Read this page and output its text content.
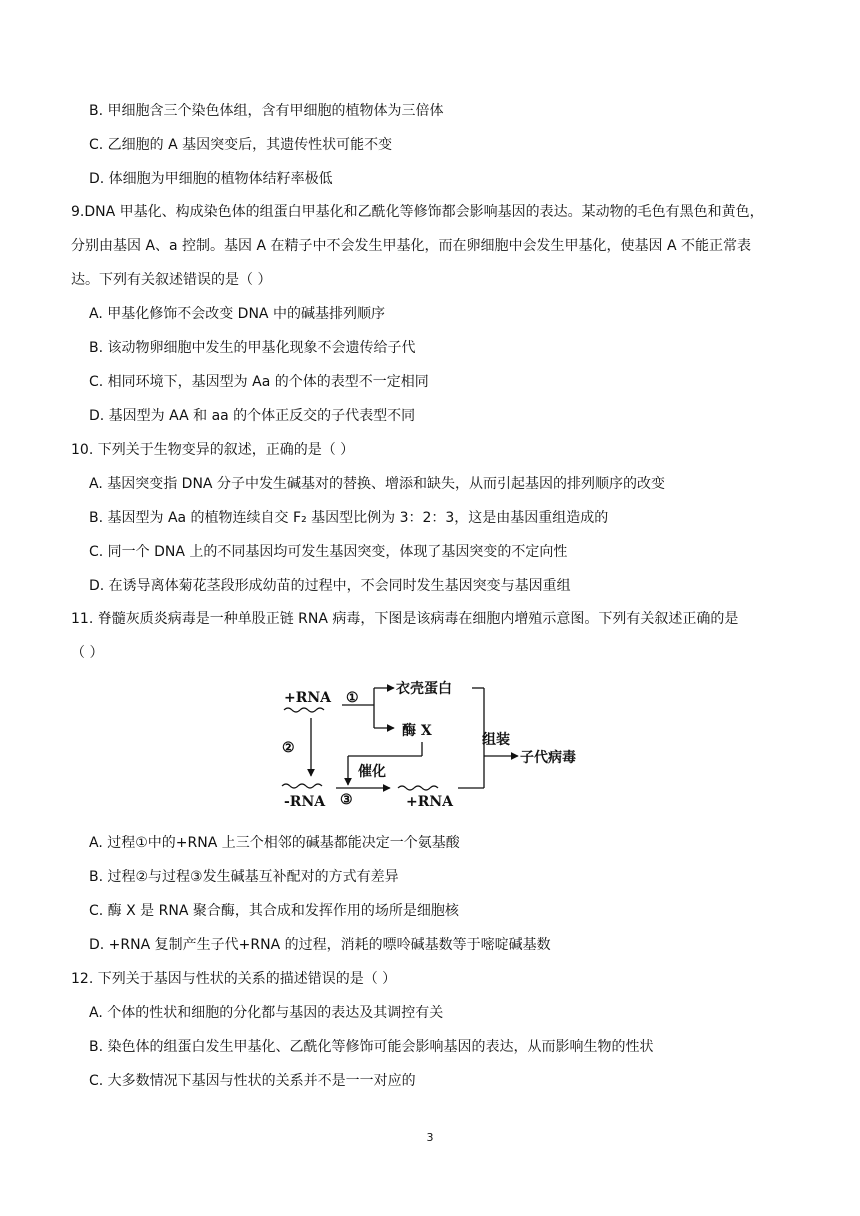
B. 甲细胞含三个染色体组，含有甲细胞的植物体为三倍体
C. 乙细胞的 A 基因突变后，其遗传性状可能不变
D. 体细胞为甲细胞的植物体结籽率极低
9.DNA 甲基化、构成染色体的组蛋白甲基化和乙酰化等修饰都会影响基因的表达。某动物的毛色有黑色和黄色，
分别由基因 A、a 控制。基因 A 在精子中不会发生甲基化，而在卵细胞中会发生甲基化，使基因 A 不能正常表
达。下列有关叙述错误的是（ ）
A. 甲基化修饰不会改变 DNA 中的碱基排列顺序
B. 该动物卵细胞中发生的甲基化现象不会遗传给子代
C. 相同环境下，基因型为 Aa 的个体的表型不一定相同
D. 基因型为 AA 和 aa 的个体正反交的子代表型不同
10. 下列关于生物变异的叙述，正确的是（ ）
A. 基因突变指 DNA 分子中发生碱基对的替换、增添和缺失，从而引起基因的排列顺序的改变
B. 基因型为 Aa 的植物连续自交 F₂ 基因型比例为 3：2：3，这是由基因重组造成的
C. 同一个 DNA 上的不同基因均可发生基因突变，体现了基因突变的不定向性
D. 在诱导离体菊花茎段形成幼苗的过程中，不会同时发生基因突变与基因重组
11. 脊髓灰质炎病毒是一种单股正链 RNA 病毒，下图是该病毒在细胞内增殖示意图。下列有关叙述正确的是
（ ）
+RNA ①
衣壳蛋白
酶 X
②
催化
-RNA ③	+RNA
组装
子代病毒
A. 过程①中的+RNA 上三个相邻的碱基都能决定一个氨基酸
B. 过程②与过程③发生碱基互补配对的方式有差异
C. 酶 X 是 RNA 聚合酶，其合成和发挥作用的场所是细胞核
D. +RNA 复制产生子代+RNA 的过程，消耗的嘌呤碱基数等于嘧啶碱基数
12. 下列关于基因与性状的关系的描述错误的是（ ）
A. 个体的性状和细胞的分化都与基因的表达及其调控有关
B. 染色体的组蛋白发生甲基化、乙酰化等修饰可能会影响基因的表达，从而影响生物的性状
C. 大多数情况下基因与性状的关系并不是一一对应的
3
